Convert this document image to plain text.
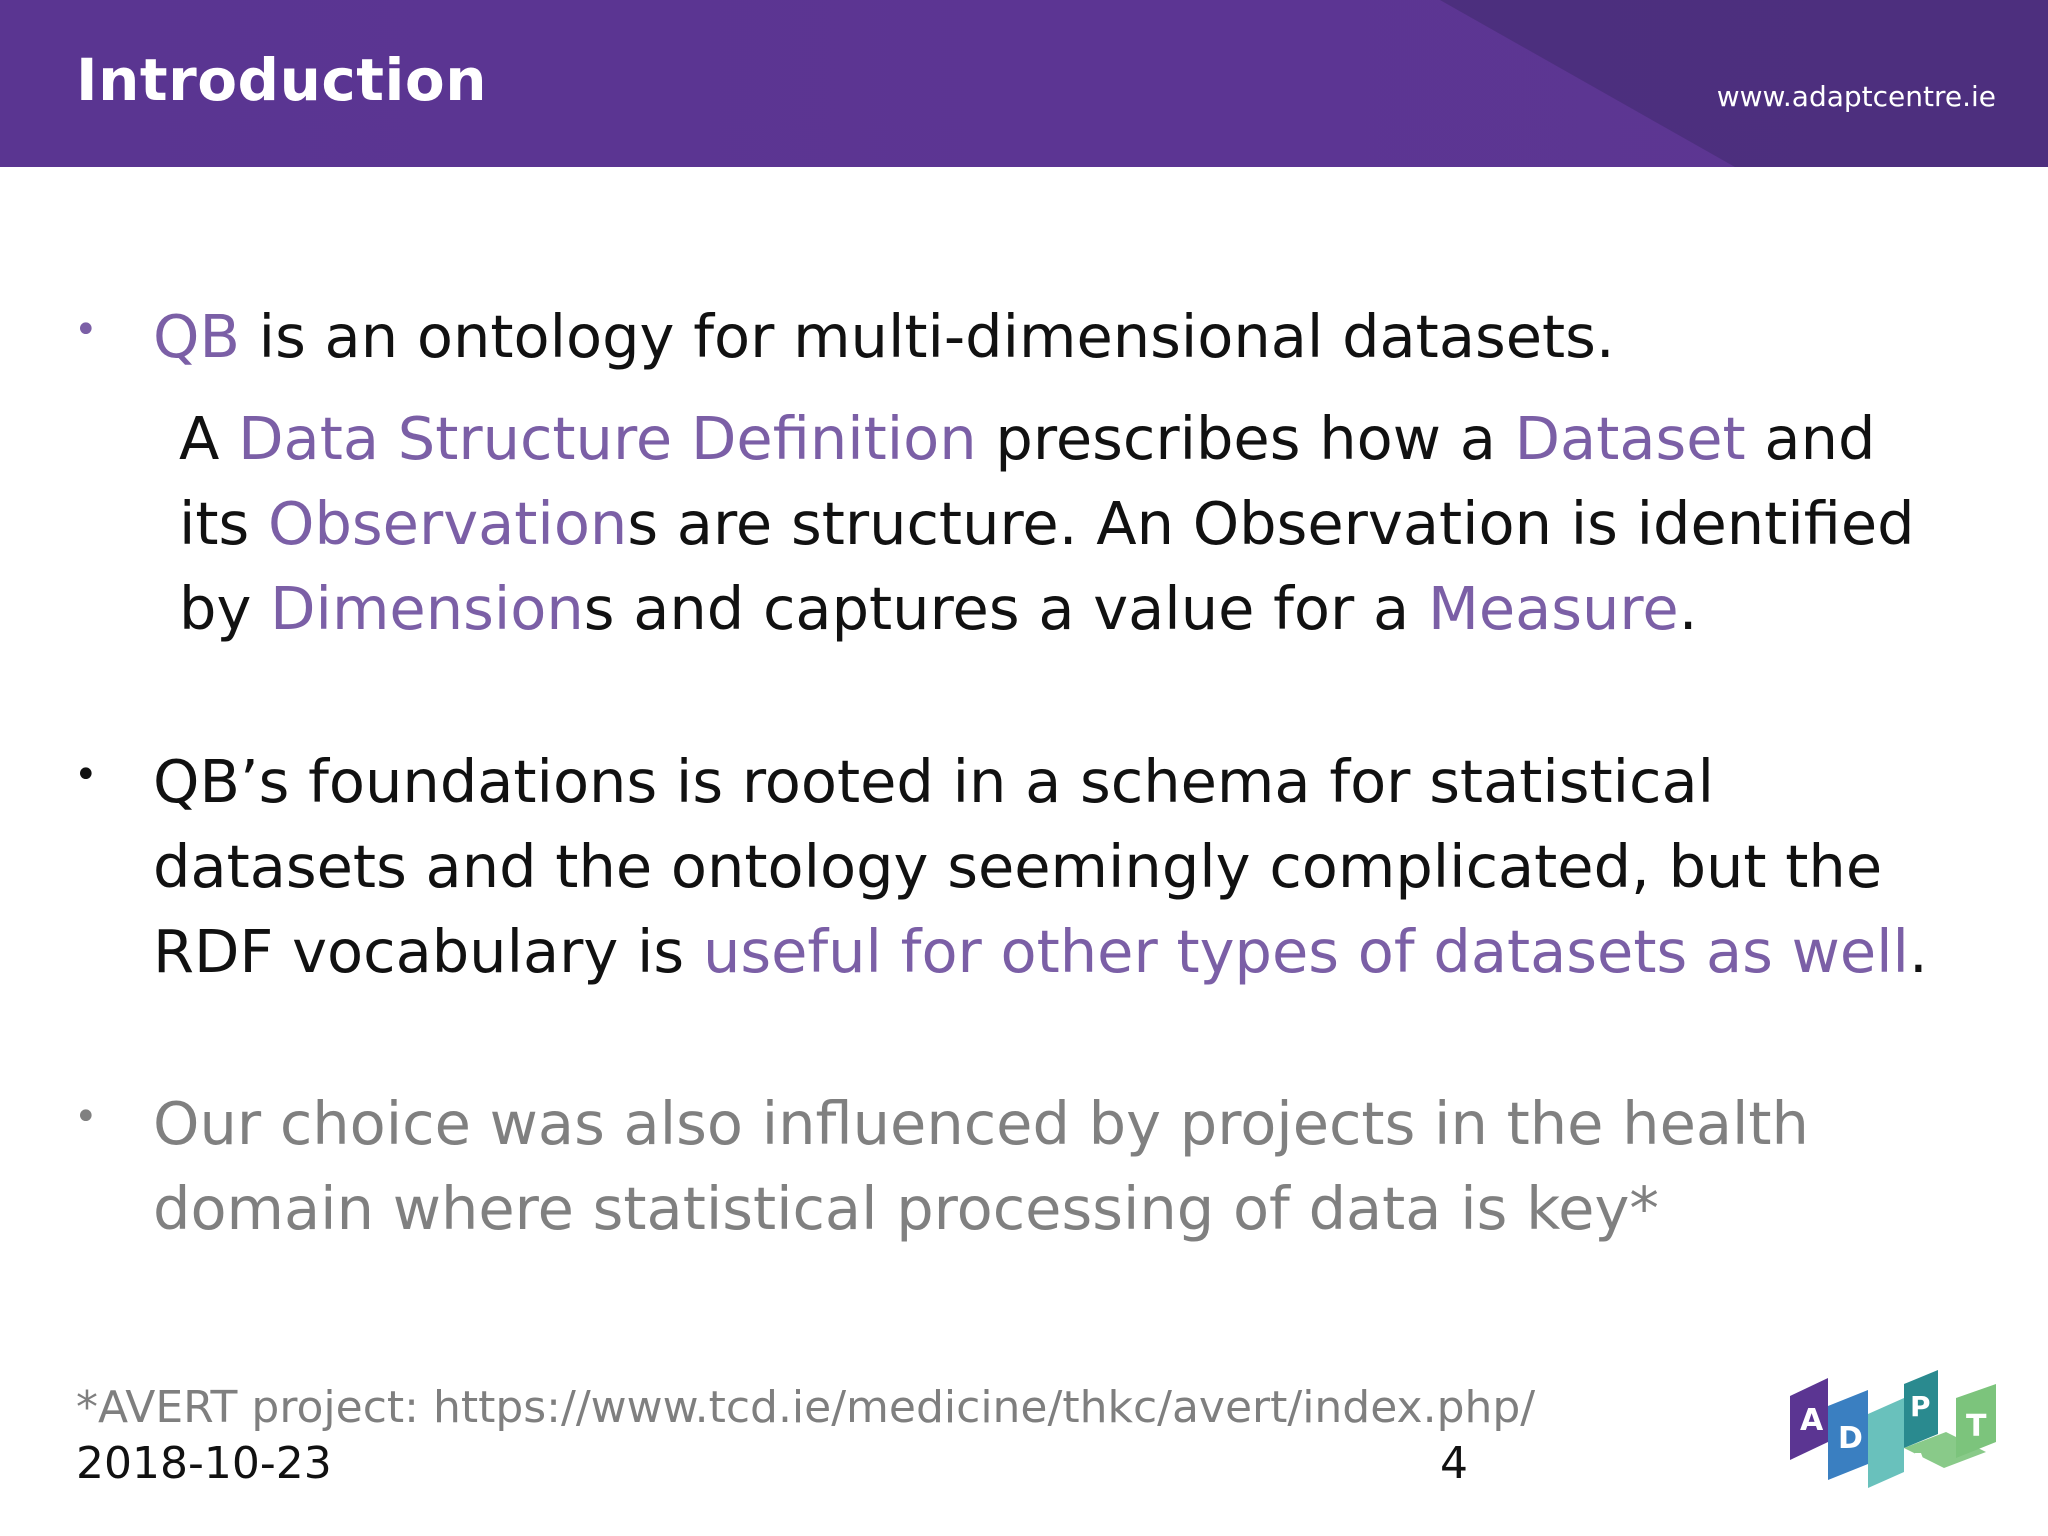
Introduction	www.adaptcentre.ie
• QB is an ontology for multi-dimensional datasets.
A Data Structure Definition prescribes how a Dataset and
its Observations are structure. An Observation is identified
by Dimensions and captures a value for a Measure.
• QB’s foundations is rooted in a schema for statistical
datasets and the ontology seemingly complicated, but the
RDF vocabulary is useful for other types of datasets as well.
• Our choice was also influenced by projects in the health
domain where statistical processing of data is key*
*AVERT project: https://www.tcd.ie/medicine/thkc/avert/index.php/
2018-10-23	4
A
D
A
P
T
